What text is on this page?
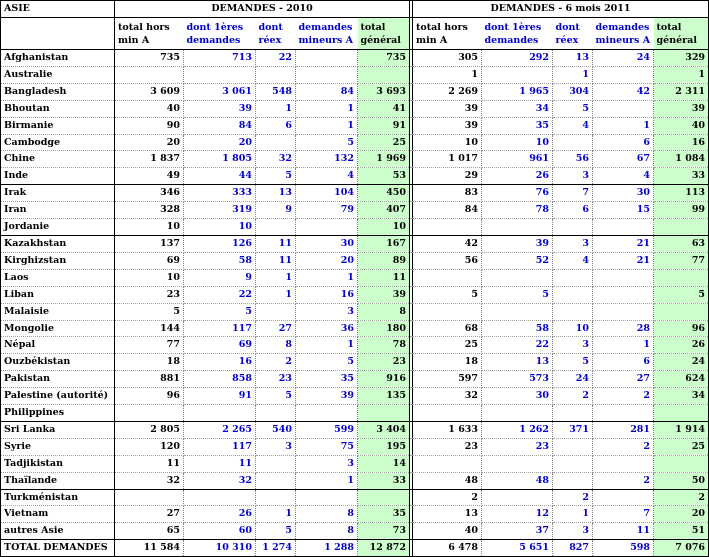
ASIE	DEMANDES - 2010						DEMANDES - 6 mois 2011				
	total hors min A	dont 1ères demandes	dont réex	demandes mineurs A	total général		total hors min A	dont 1ères demandes	dont réex	demandes mineurs A	total général
Afghanistan	735	713	22		735		305	292	13	24	329
Australie							1		1		1
Bangladesh	3 609	3 061	548	84	3 693		2 269	1 965	304	42	2 311
Bhoutan	40	39	1	1	41		39	34	5		39
Birmanie	90	84	6	1	91		39	35	4	1	40
Cambodge	20	20		5	25		10	10		6	16
Chine	1 837	1 805	32	132	1 969		1 017	961	56	67	1 084
Inde	49	44	5	4	53		29	26	3	4	33
Irak	346	333	13	104	450		83	76	7	30	113
Iran	328	319	9	79	407		84	78	6	15	99
Jordanie	10	10			10						
Kazakhstan	137	126	11	30	167		42	39	3	21	63
Kirghizstan	69	58	11	20	89		56	52	4	21	77
Laos	10	9	1	1	11						
Liban	23	22	1	16	39		5	5			5
Malaisie	5	5		3	8						
Mongolie	144	117	27	36	180		68	58	10	28	96
Népal	77	69	8	1	78		25	22	3	1	26
Ouzbékistan	18	16	2	5	23		18	13	5	6	24
Pakistan	881	858	23	35	916		597	573	24	27	624
Palestine (autorité)	96	91	5	39	135		32	30	2	2	34
Philippines											
Sri Lanka	2 805	2 265	540	599	3 404		1 633	1 262	371	281	1 914
Syrie	120	117	3	75	195		23	23		2	25
Tadjikistan	11	11		3	14						
Thaïlande	32	32		1	33		48	48		2	50
Turkménistan							2		2		2
Vietnam	27	26	1	8	35		13	12	1	7	20
autres Asie	65	60	5	8	73		40	37	3	11	51
TOTAL DEMANDES	11 584	10 310	1 274	1 288	12 872		6 478	5 651	827	598	7 076
